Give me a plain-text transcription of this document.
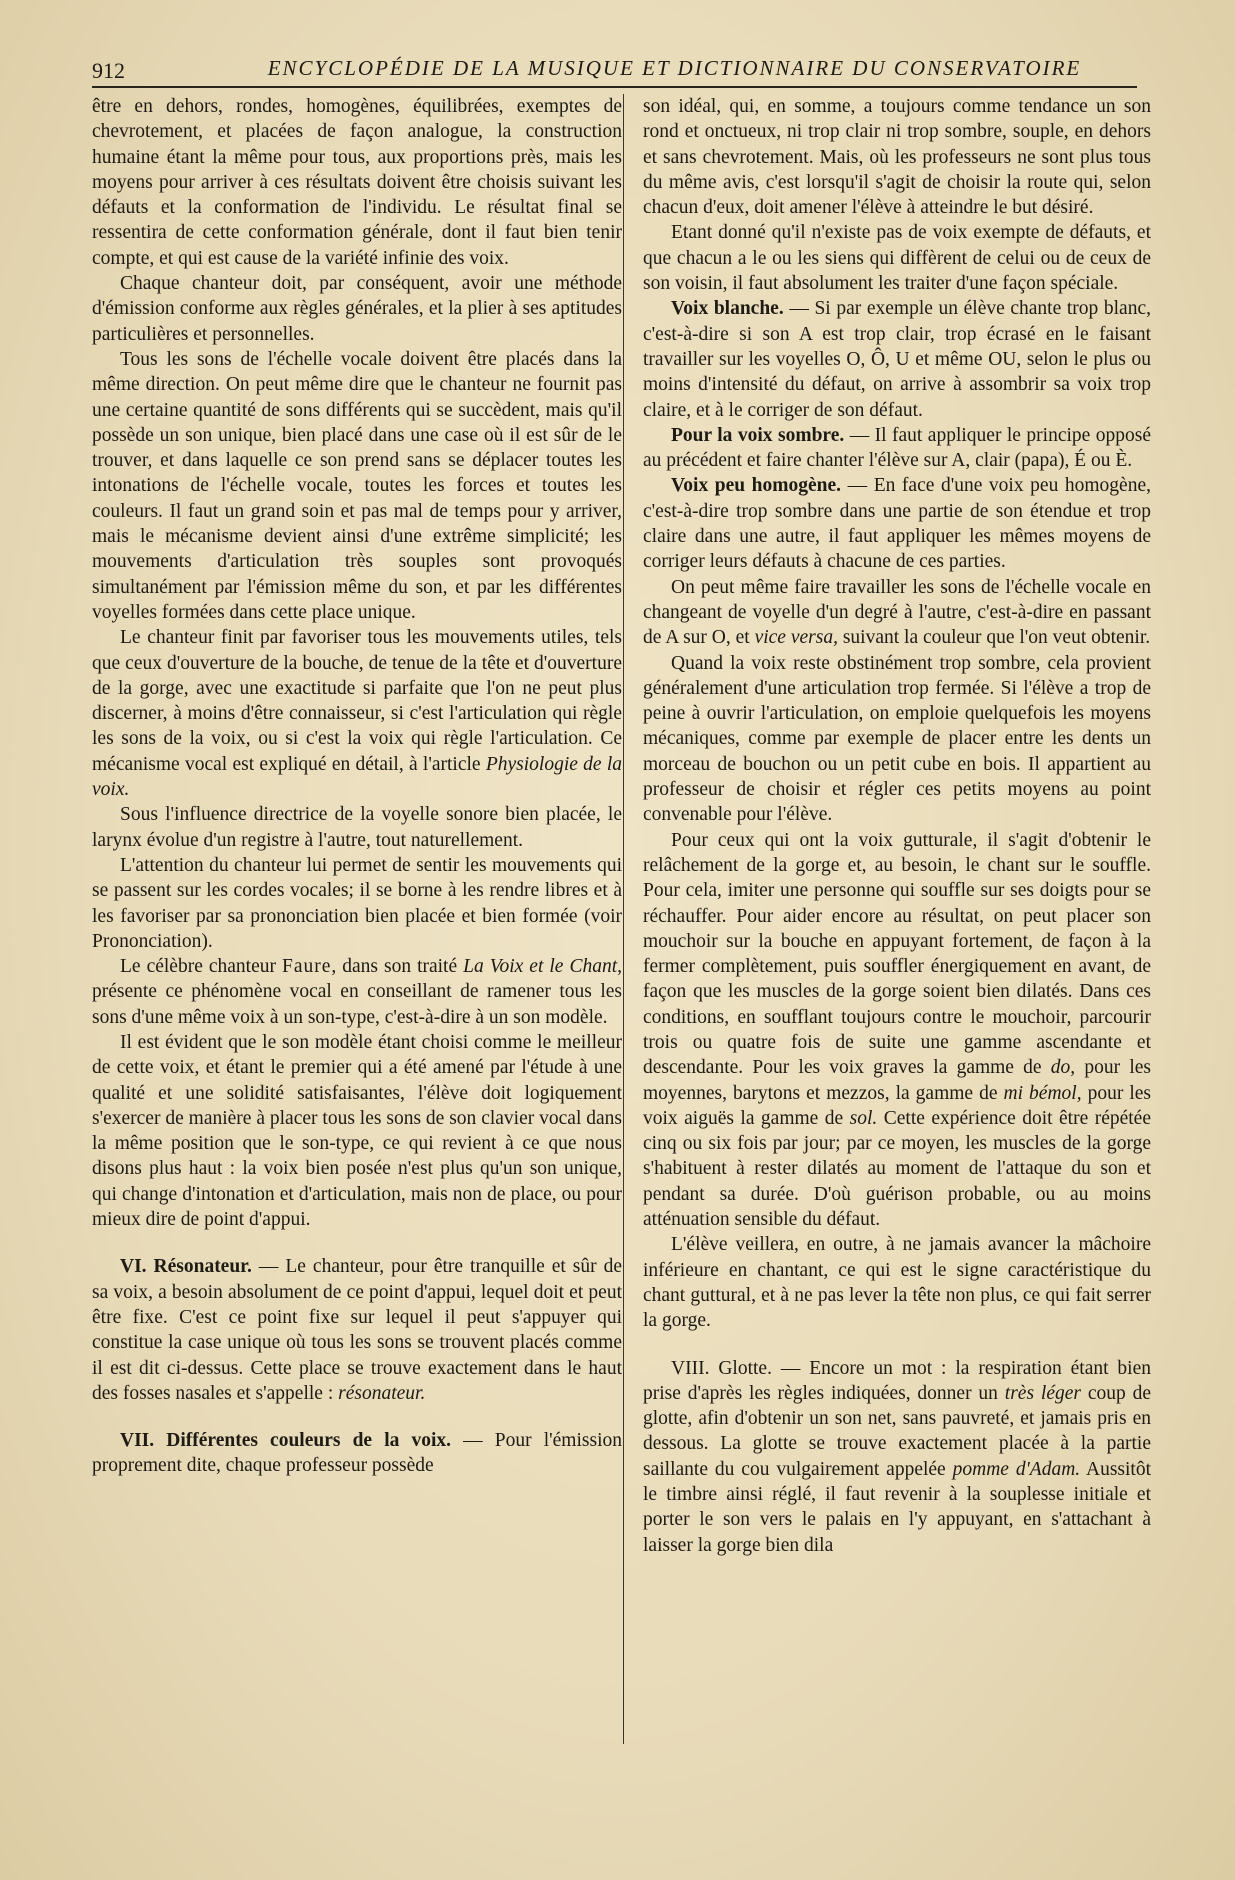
912	ENCYCLOPÉDIE DE LA MUSIQUE ET DICTIONNAIRE DU CONSERVATOIRE

être en dehors, rondes, homogènes, équilibrées, exemptes de chevrotement, et placées de façon analogue, la construction humaine étant la même pour tous, aux proportions près, mais les moyens pour arriver à ces résultats doivent être choisis suivant les défauts et la conformation de l'individu. Le résultat final se ressentira de cette conformation générale, dont il faut bien tenir compte, et qui est cause de la variété infinie des voix.

Chaque chanteur doit, par conséquent, avoir une méthode d'émission conforme aux règles générales, et la plier à ses aptitudes particulières et personnelles.

Tous les sons de l'échelle vocale doivent être placés dans la même direction. On peut même dire que le chanteur ne fournit pas une certaine quantité de sons différents qui se succèdent, mais qu'il possède un son unique, bien placé dans une case où il est sûr de le trouver, et dans laquelle ce son prend sans se déplacer toutes les intonations de l'échelle vocale, toutes les forces et toutes les couleurs. Il faut un grand soin et pas mal de temps pour y arriver, mais le mécanisme devient ainsi d'une extrême simplicité; les mouvements d'articulation très souples sont provoqués simultanément par l'émission même du son, et par les différentes voyelles formées dans cette place unique.

Le chanteur finit par favoriser tous les mouvements utiles, tels que ceux d'ouverture de la bouche, de tenue de la tête et d'ouverture de la gorge, avec une exactitude si parfaite que l'on ne peut plus discerner, à moins d'être connaisseur, si c'est l'articulation qui règle les sons de la voix, ou si c'est la voix qui règle l'articulation. Ce mécanisme vocal est expliqué en détail, à l'article Physiologie de la voix.

Sous l'influence directrice de la voyelle sonore bien placée, le larynx évolue d'un registre à l'autre, tout naturellement.

L'attention du chanteur lui permet de sentir les mouvements qui se passent sur les cordes vocales; il se borne à les rendre libres et à les favoriser par sa prononciation bien placée et bien formée (voir Prononciation).

Le célèbre chanteur Faure, dans son traité La Voix et le Chant, présente ce phénomène vocal en conseillant de ramener tous les sons d'une même voix à un son-type, c'est-à-dire à un son modèle.

Il est évident que le son modèle étant choisi comme le meilleur de cette voix, et étant le premier qui a été amené par l'étude à une qualité et une solidité satisfaisantes, l'élève doit logiquement s'exercer de manière à placer tous les sons de son clavier vocal dans la même position que le son-type, ce qui revient à ce que nous disons plus haut : la voix bien posée n'est plus qu'un son unique, qui change d'intonation et d'articulation, mais non de place, ou pour mieux dire de point d'appui.

VI. Résonateur. — Le chanteur, pour être tranquille et sûr de sa voix, a besoin absolument de ce point d'appui, lequel doit et peut être fixe. C'est ce point fixe sur lequel il peut s'appuyer qui constitue la case unique où tous les sons se trouvent placés comme il est dit ci-dessus. Cette place se trouve exactement dans le haut des fosses nasales et s'appelle : résonateur.

VII. Différentes couleurs de la voix. — Pour l'émission proprement dite, chaque professeur possède

son idéal, qui, en somme, a toujours comme tendance un son rond et onctueux, ni trop clair ni trop sombre, souple, en dehors et sans chevrotement. Mais, où les professeurs ne sont plus tous du même avis, c'est lorsqu'il s'agit de choisir la route qui, selon chacun d'eux, doit amener l'élève à atteindre le but désiré.

Etant donné qu'il n'existe pas de voix exempte de défauts, et que chacun a le ou les siens qui diffèrent de celui ou de ceux de son voisin, il faut absolument les traiter d'une façon spéciale.

Voix blanche. — Si par exemple un élève chante trop blanc, c'est-à-dire si son A est trop clair, trop écrasé en le faisant travailler sur les voyelles O, Ô, U et même OU, selon le plus ou moins d'intensité du défaut, on arrive à assombrir sa voix trop claire, et à le corriger de son défaut.

Pour la voix sombre. — Il faut appliquer le principe opposé au précédent et faire chanter l'élève sur A, clair (papa), É ou È.

Voix peu homogène. — En face d'une voix peu homogène, c'est-à-dire trop sombre dans une partie de son étendue et trop claire dans une autre, il faut appliquer les mêmes moyens de corriger leurs défauts à chacune de ces parties.

On peut même faire travailler les sons de l'échelle vocale en changeant de voyelle d'un degré à l'autre, c'est-à-dire en passant de A sur O, et vice versa, suivant la couleur que l'on veut obtenir.

Quand la voix reste obstinément trop sombre, cela provient généralement d'une articulation trop fermée. Si l'élève a trop de peine à ouvrir l'articulation, on emploie quelquefois les moyens mécaniques, comme par exemple de placer entre les dents un morceau de bouchon ou un petit cube en bois. Il appartient au professeur de choisir et régler ces petits moyens au point convenable pour l'élève.

Pour ceux qui ont la voix gutturale, il s'agit d'obtenir le relâchement de la gorge et, au besoin, le chant sur le souffle. Pour cela, imiter une personne qui souffle sur ses doigts pour se réchauffer. Pour aider encore au résultat, on peut placer son mouchoir sur la bouche en appuyant fortement, de façon à la fermer complètement, puis souffler énergiquement en avant, de façon que les muscles de la gorge soient bien dilatés. Dans ces conditions, en soufflant toujours contre le mouchoir, parcourir trois ou quatre fois de suite une gamme ascendante et descendante. Pour les voix graves la gamme de do, pour les moyennes, barytons et mezzos, la gamme de mi bémol, pour les voix aiguës la gamme de sol. Cette expérience doit être répétée cinq ou six fois par jour; par ce moyen, les muscles de la gorge s'habituent à rester dilatés au moment de l'attaque du son et pendant sa durée. D'où guérison probable, ou au moins atténuation sensible du défaut.

L'élève veillera, en outre, à ne jamais avancer la mâchoire inférieure en chantant, ce qui est le signe caractéristique du chant guttural, et à ne pas lever la tête non plus, ce qui fait serrer la gorge.

VIII. Glotte. — Encore un mot : la respiration étant bien prise d'après les règles indiquées, donner un très léger coup de glotte, afin d'obtenir un son net, sans pauvreté, et jamais pris en dessous. La glotte se trouve exactement placée à la partie saillante du cou vulgairement appelée pomme d'Adam. Aussitôt le timbre ainsi réglé, il faut revenir à la souplesse initiale et porter le son vers le palais en l'y appuyant, en s'attachant à laisser la gorge bien dila
